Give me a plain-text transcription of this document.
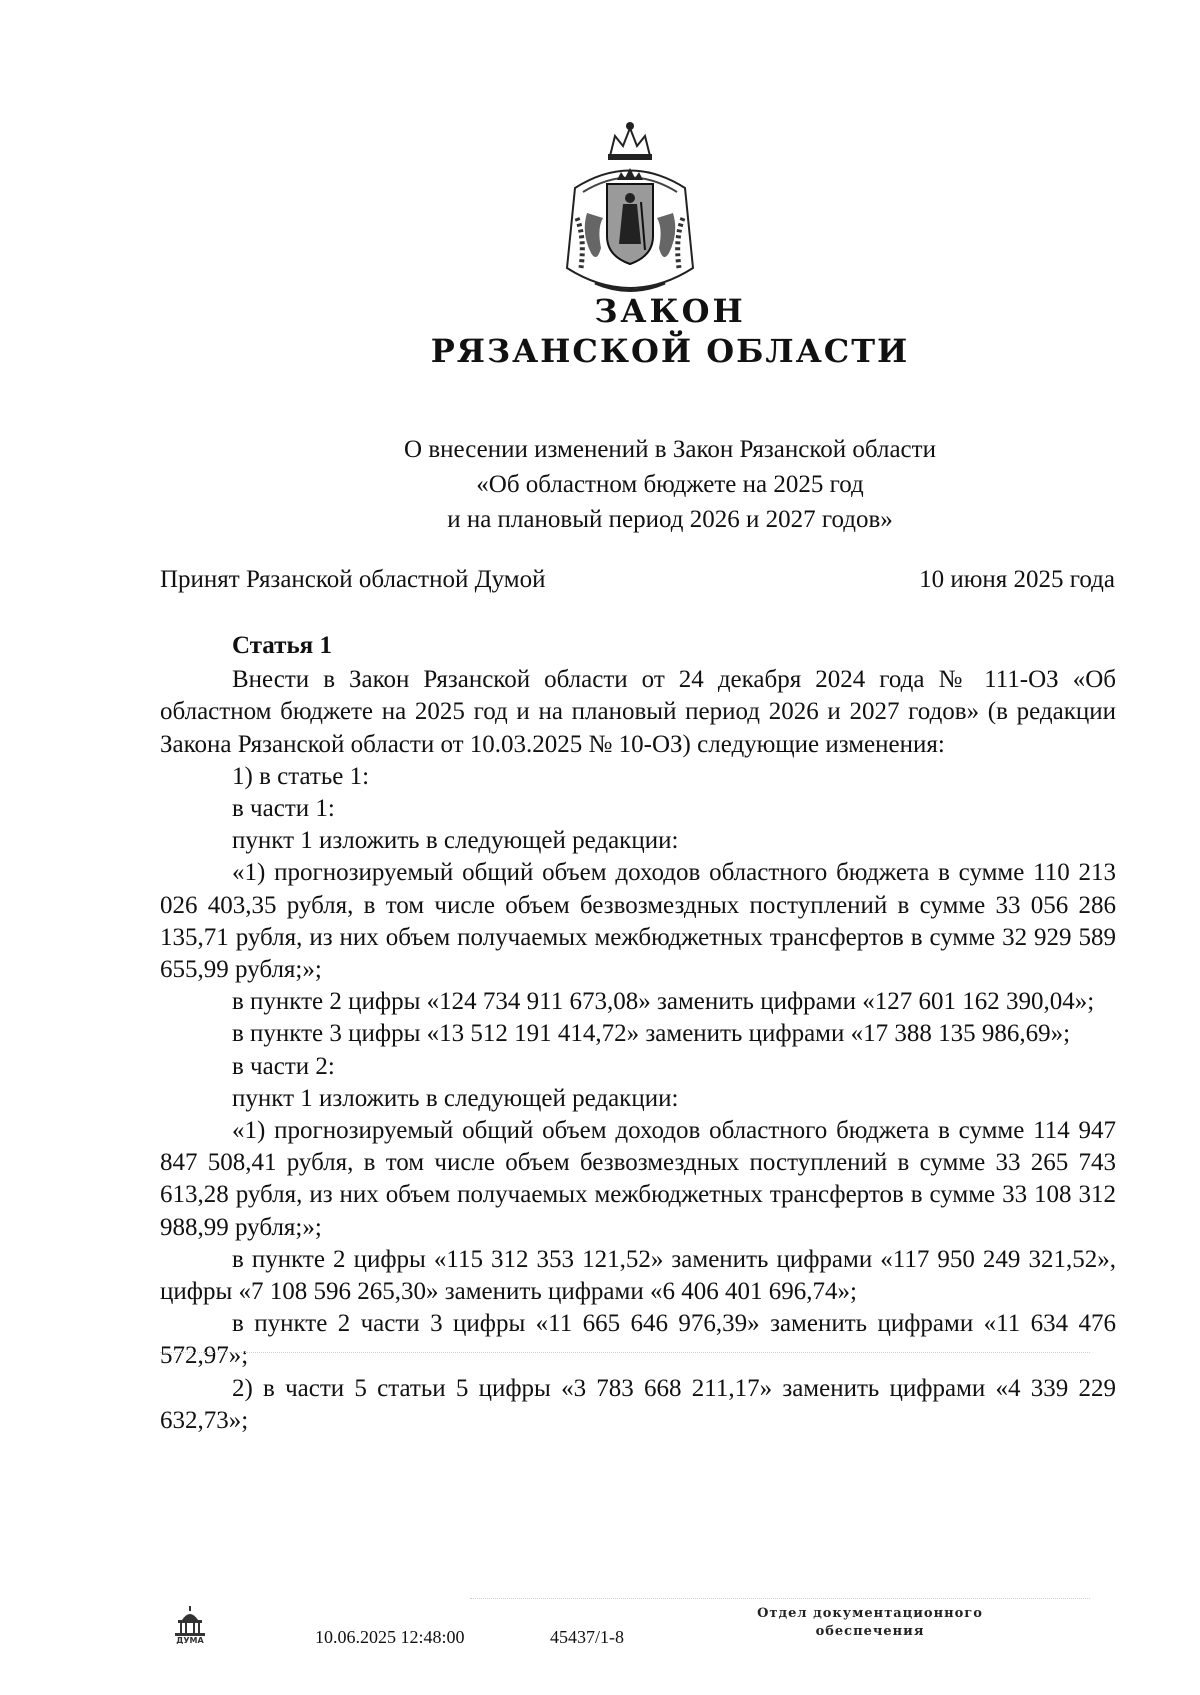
ЗАКОН
РЯЗАНСКОЙ ОБЛАСТИ
О внесении изменений в Закон Рязанской области
«Об областном бюджете на 2025 год
и на плановый период 2026 и 2027 годов»
Принят Рязанской областной Думой	10 июня 2025 года

Статья 1

Внести в Закон Рязанской области от 24 декабря 2024 года № 111-ОЗ «Об областном бюджете на 2025 год и на плановый период 2026 и 2027 годов» (в редакции Закона Рязанской области от 10.03.2025 № 10-ОЗ) следующие изменения:

1) в статье 1:

в части 1:

пункт 1 изложить в следующей редакции:

«1) прогнозируемый общий объем доходов областного бюджета в сумме 110 213 026 403,35 рубля, в том числе объем безвозмездных поступлений в сумме 33 056 286 135,71 рубля, из них объем получаемых межбюджетных трансфертов в сумме 32 929 589 655,99 рубля;»;

в пункте 2 цифры «124 734 911 673,08» заменить цифрами «127 601 162 390,04»;

в пункте 3 цифры «13 512 191 414,72» заменить цифрами «17 388 135 986,69»;

в части 2:

пункт 1 изложить в следующей редакции:

«1) прогнозируемый общий объем доходов областного бюджета в сумме 114 947 847 508,41 рубля, в том числе объем безвозмездных поступлений в сумме 33 265 743 613,28 рубля, из них объем получаемых межбюджетных трансфертов в сумме 33 108 312 988,99 рубля;»;

в пункте 2 цифры «115 312 353 121,52» заменить цифрами «117 950 249 321,52», цифры «7 108 596 265,30» заменить цифрами «6 406 401 696,74»;

в пункте 2 части 3 цифры «11 665 646 976,39» заменить цифрами «11 634 476 572,97»;

2) в части 5 статьи 5 цифры «3 783 668 211,17» заменить цифрами «4 339 229 632,73»;

ДУМА	10.06.2025 12:48:00	45437/1-8
Отдел документационного
обеспечения
